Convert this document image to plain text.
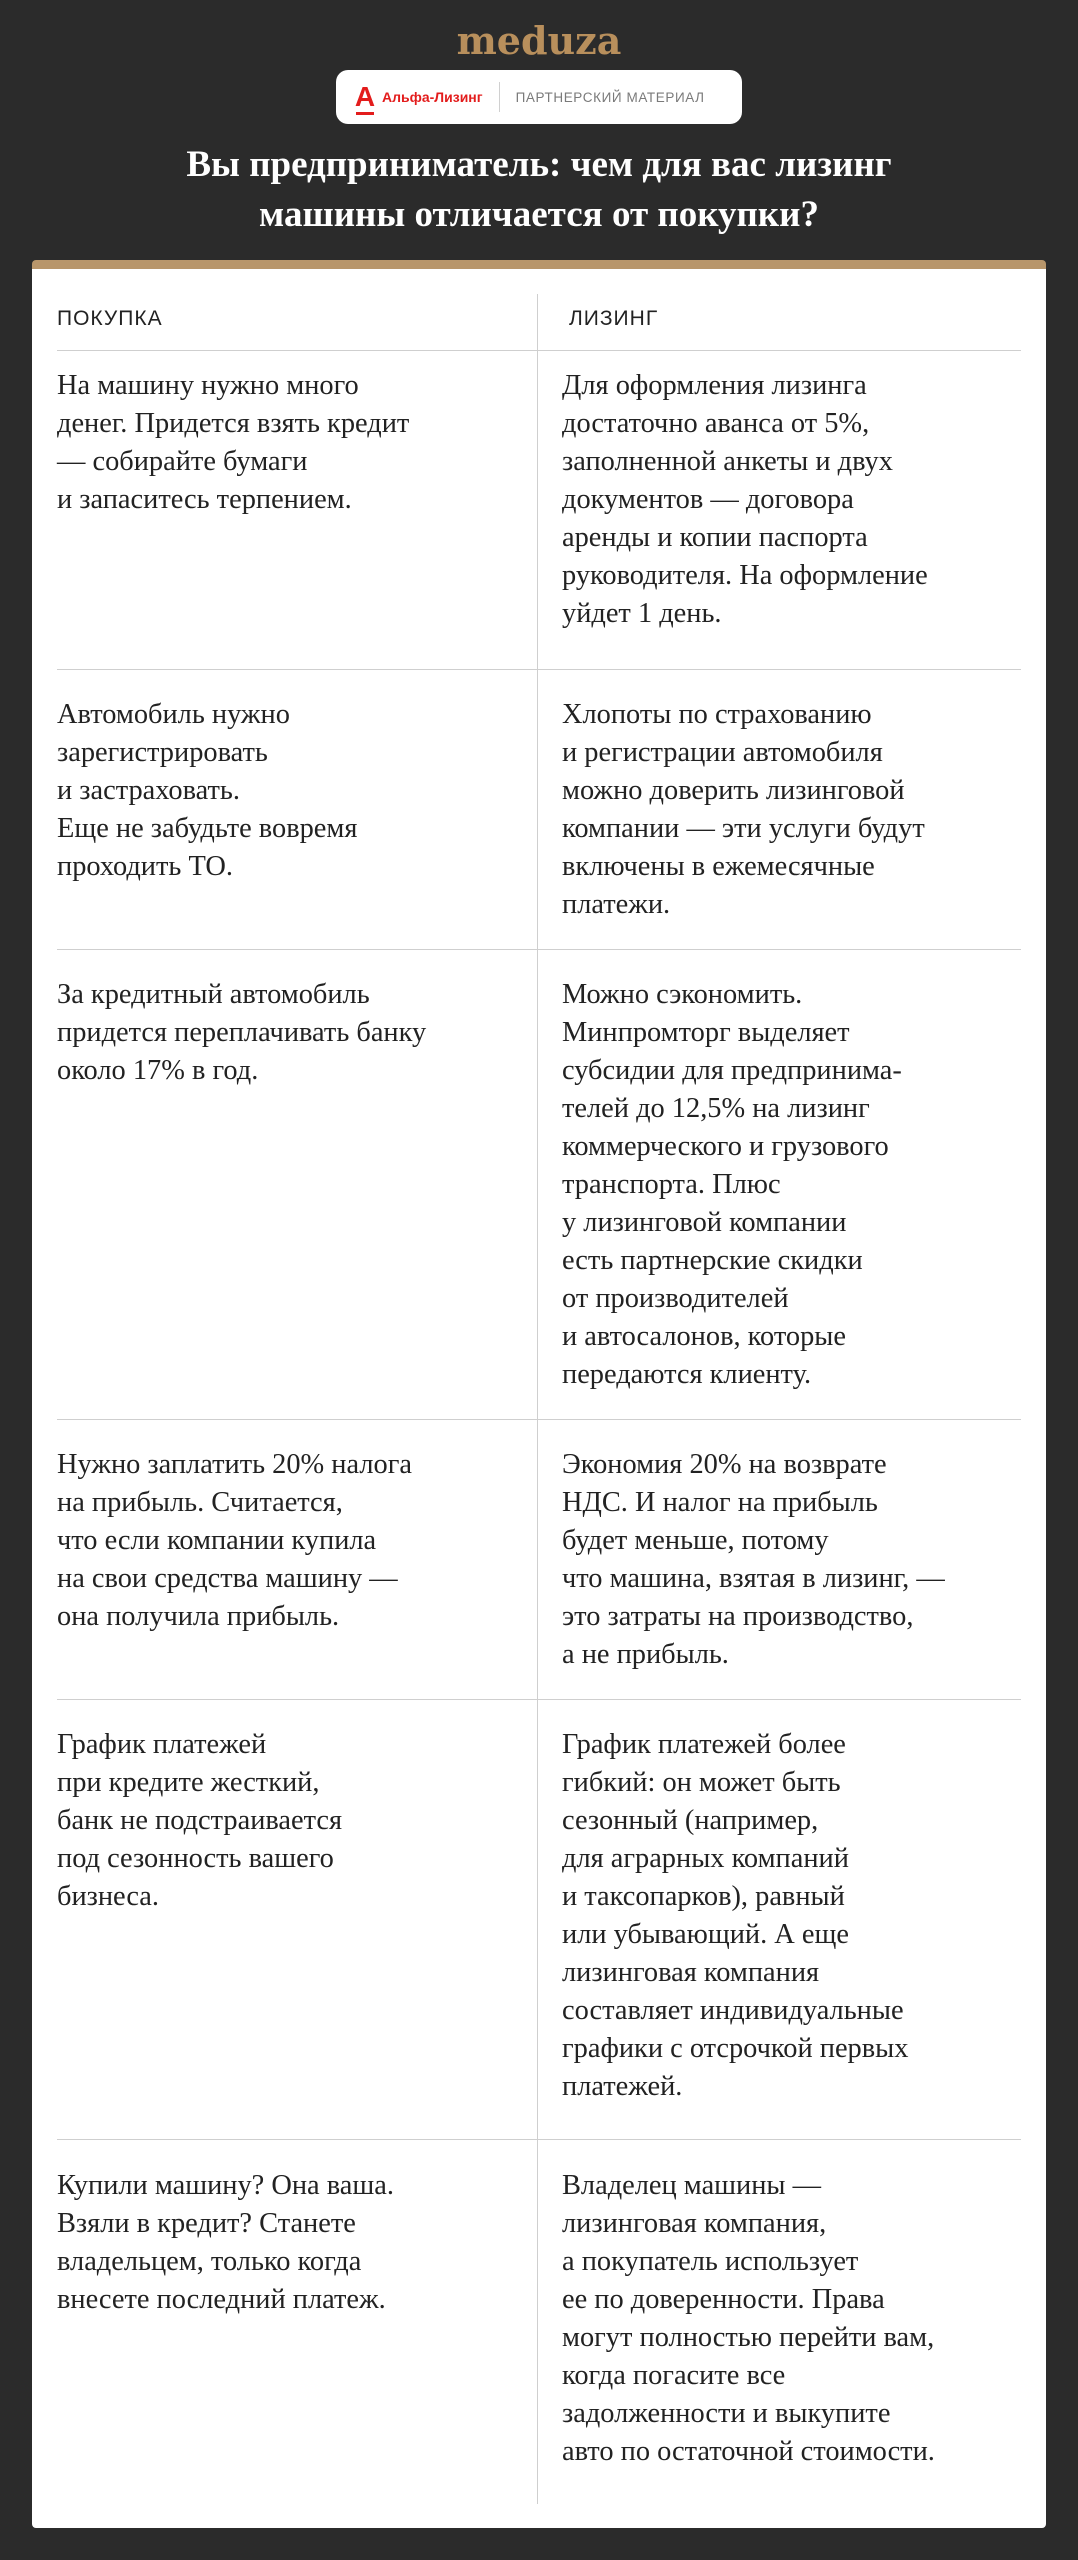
meduza
А Альфа-Лизинг ПАРТНЕРСКИЙ МАТЕРИАЛ
Вы предприниматель: чем для вас лизинг
машины отличается от покупки?
ПОКУПКА	ЛИЗИНГ
На машину нужно много
денег. Придется взять кредит
— собирайте бумаги
и запаситесь терпением.
Для оформления лизинга
достаточно аванса от 5%,
заполненной анкеты и двух
документов — договора
аренды и копии паспорта
руководителя. На оформление
уйдет 1 день.
Автомобиль нужно
зарегистрировать
и застраховать.
Еще не забудьте вовремя
проходить ТО.
Хлопоты по страхованию
и регистрации автомобиля
можно доверить лизинговой
компании — эти услуги будут
включены в ежемесячные
платежи.
За кредитный автомобиль
придется переплачивать банку
около 17% в год.
Можно сэкономить.
Минпромторг выделяет
субсидии для предпринима-
телей до 12,5% на лизинг
коммерческого и грузового
транспорта. Плюс
у лизинговой компании
есть партнерские скидки
от производителей
и автосалонов, которые
передаются клиенту.
Нужно заплатить 20% налога
на прибыль. Считается,
что если компании купила
на свои средства машину —
она получила прибыль.
Экономия 20% на возврате
НДС. И налог на прибыль
будет меньше, потому
что машина, взятая в лизинг, —
это затраты на производство,
а не прибыль.
График платежей
при кредите жесткий,
банк не подстраивается
под сезонность вашего
бизнеса.
График платежей более
гибкий: он может быть
сезонный (например,
для аграрных компаний
и таксопарков), равный
или убывающий. А еще
лизинговая компания
составляет индивидуальные
графики с отсрочкой первых
платежей.
Купили машину? Она ваша.
Взяли в кредит? Станете
владельцем, только когда
внесете последний платеж.
Владелец машины —
лизинговая компания,
а покупатель использует
ее по доверенности. Права
могут полностью перейти вам,
когда погасите все
задолженности и выкупите
авто по остаточной стоимости.
